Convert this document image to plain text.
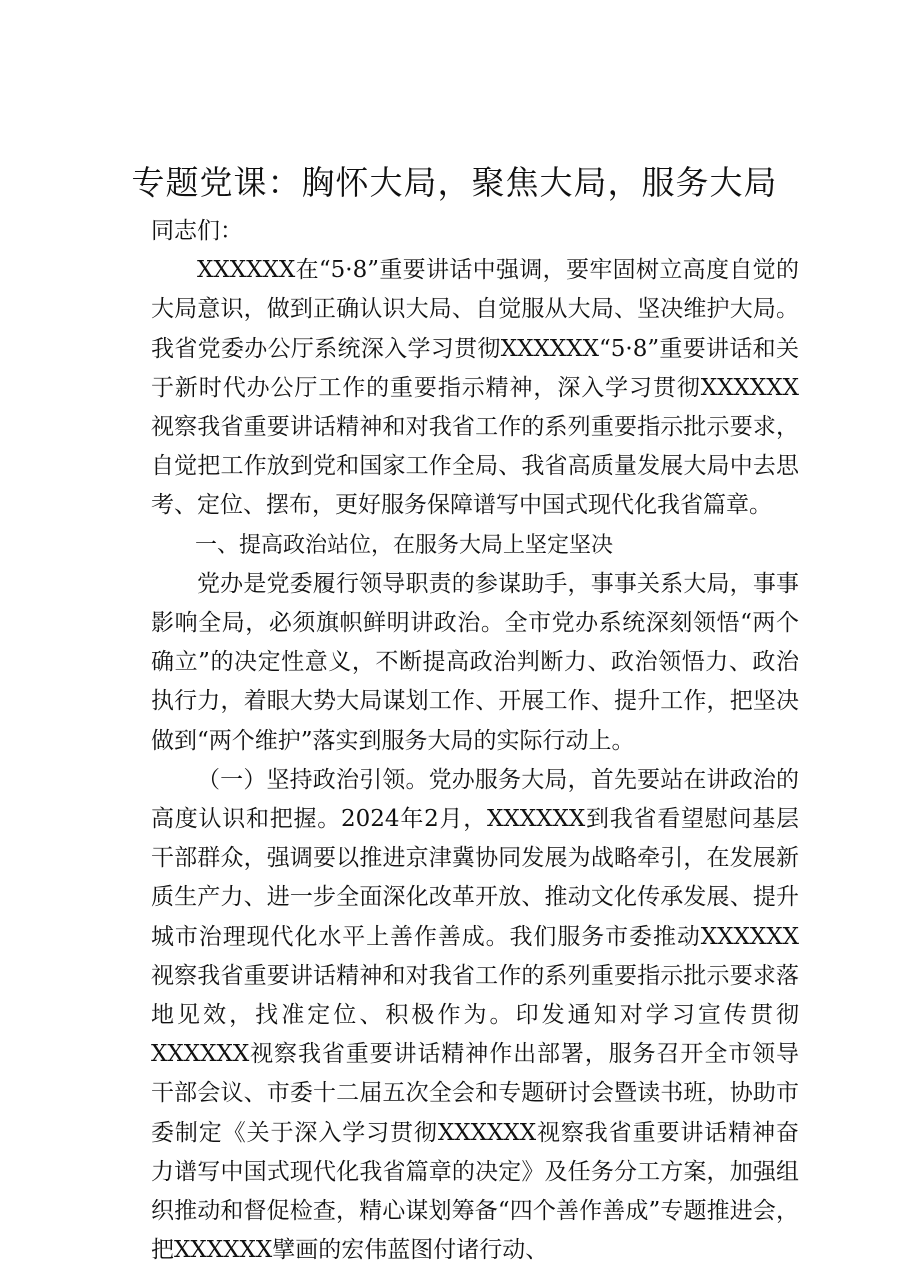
专题党课：胸怀大局，聚焦大局，服务大局

同志们：

XXXXXX在“5·8”重要讲话中强调，要牢固树立高度自觉的大局意识，做到正确认识大局、自觉服从大局、坚决维护大局。我省党委办公厅系统深入学习贯彻XXXXXX“5·8”重要讲话和关于新时代办公厅工作的重要指示精神，深入学习贯彻XXXXXX视察我省重要讲话精神和对我省工作的系列重要指示批示要求，自觉把工作放到党和国家工作全局、我省高质量发展大局中去思考、定位、摆布，更好服务保障谱写中国式现代化我省篇章。

一、提高政治站位，在服务大局上坚定坚决

党办是党委履行领导职责的参谋助手，事事关系大局，事事影响全局，必须旗帜鲜明讲政治。全市党办系统深刻领悟“两个确立”的决定性意义，不断提高政治判断力、政治领悟力、政治执行力，着眼大势大局谋划工作、开展工作、提升工作，把坚决做到“两个维护”落实到服务大局的实际行动上。

（一）坚持政治引领。党办服务大局，首先要站在讲政治的高度认识和把握。2024年2月，XXXXXX到我省看望慰问基层干部群众，强调要以推进京津冀协同发展为战略牵引，在发展新质生产力、进一步全面深化改革开放、推动文化传承发展、提升城市治理现代化水平上善作善成。我们服务市委推动XXXXXX视察我省重要讲话精神和对我省工作的系列重要指示批示要求落地见效，找准定位、积极作为。印发通知对学习宣传贯彻XXXXXX视察我省重要讲话精神作出部署，服务召开全市领导干部会议、市委十二届五次全会和专题研讨会暨读书班，协助市委制定《关于深入学习贯彻XXXXXX视察我省重要讲话精神奋力谱写中国式现代化我省篇章的决定》及任务分工方案，加强组织推动和督促检查，精心谋划筹备“四个善作善成”专题推进会，把XXXXXX擘画的宏伟蓝图付诸行动、
